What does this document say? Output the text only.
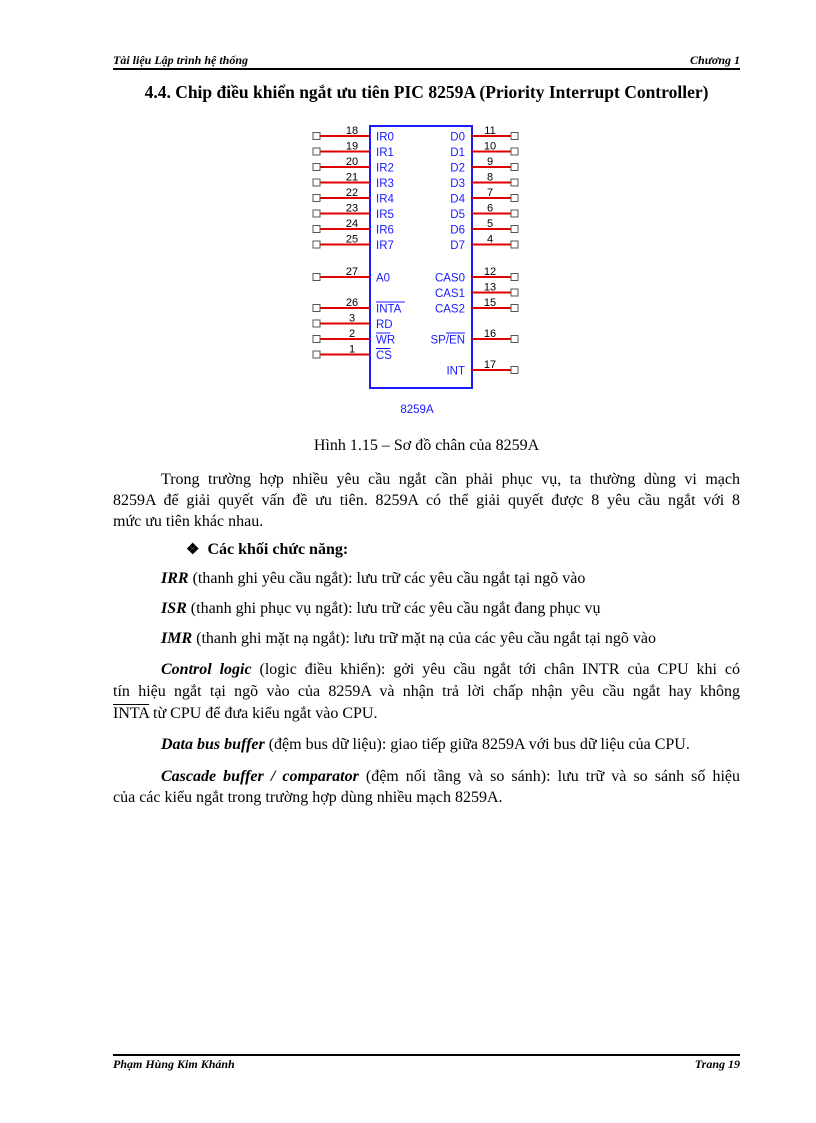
Tài liệu Lập trình hệ thống	Chương 1
4.4. Chip điều khiển ngắt ưu tiên PIC 8259A (Priority Interrupt Controller)
18
IR0
19
IR1
20
IR2
21
IR3
22
IR4
23
IR5
24
IR6
25
IR7
27
A0
26
INTA
3
RD
2
WR
1
CS
11
D0
10
D1
9
D2
8
D3
7
D4
6
D5
5
D6
4
D7
12
CAS0
13
CAS1
15
CAS2
16
SP/EN
17
INT
8259A
Hình 1.15 – Sơ đồ chân của 8259A
Trong trường hợp nhiều yêu cầu ngắt cần phải phục vụ, ta thường dùng vi mạch
8259A để giải quyết vấn đề ưu tiên. 8259A có thể giải quyết được 8 yêu cầu ngắt với 8
mức ưu tiên khác nhau.
❖ Các khối chức năng:
IRR (thanh ghi yêu cầu ngắt): lưu trữ các yêu cầu ngắt tại ngõ vào
ISR (thanh ghi phục vụ ngắt): lưu trữ các yêu cầu ngắt đang phục vụ
IMR (thanh ghi mặt nạ ngắt): lưu trữ mặt nạ của các yêu cầu ngắt tại ngõ vào
Control logic (logic điều khiển): gởi yêu cầu ngắt tới chân INTR của CPU khi có
tín hiệu ngắt tại ngõ vào của 8259A và nhận trả lời chấp nhận yêu cầu ngắt hay không
INTA từ CPU để đưa kiểu ngắt vào CPU.
Data bus buffer (đệm bus dữ liệu): giao tiếp giữa 8259A với bus dữ liệu của CPU.
Cascade buffer / comparator (đệm nối tầng và so sánh): lưu trữ và so sánh số hiệu
của các kiểu ngắt trong trường hợp dùng nhiều mạch 8259A.
Phạm Hùng Kim Khánh	Trang 19
